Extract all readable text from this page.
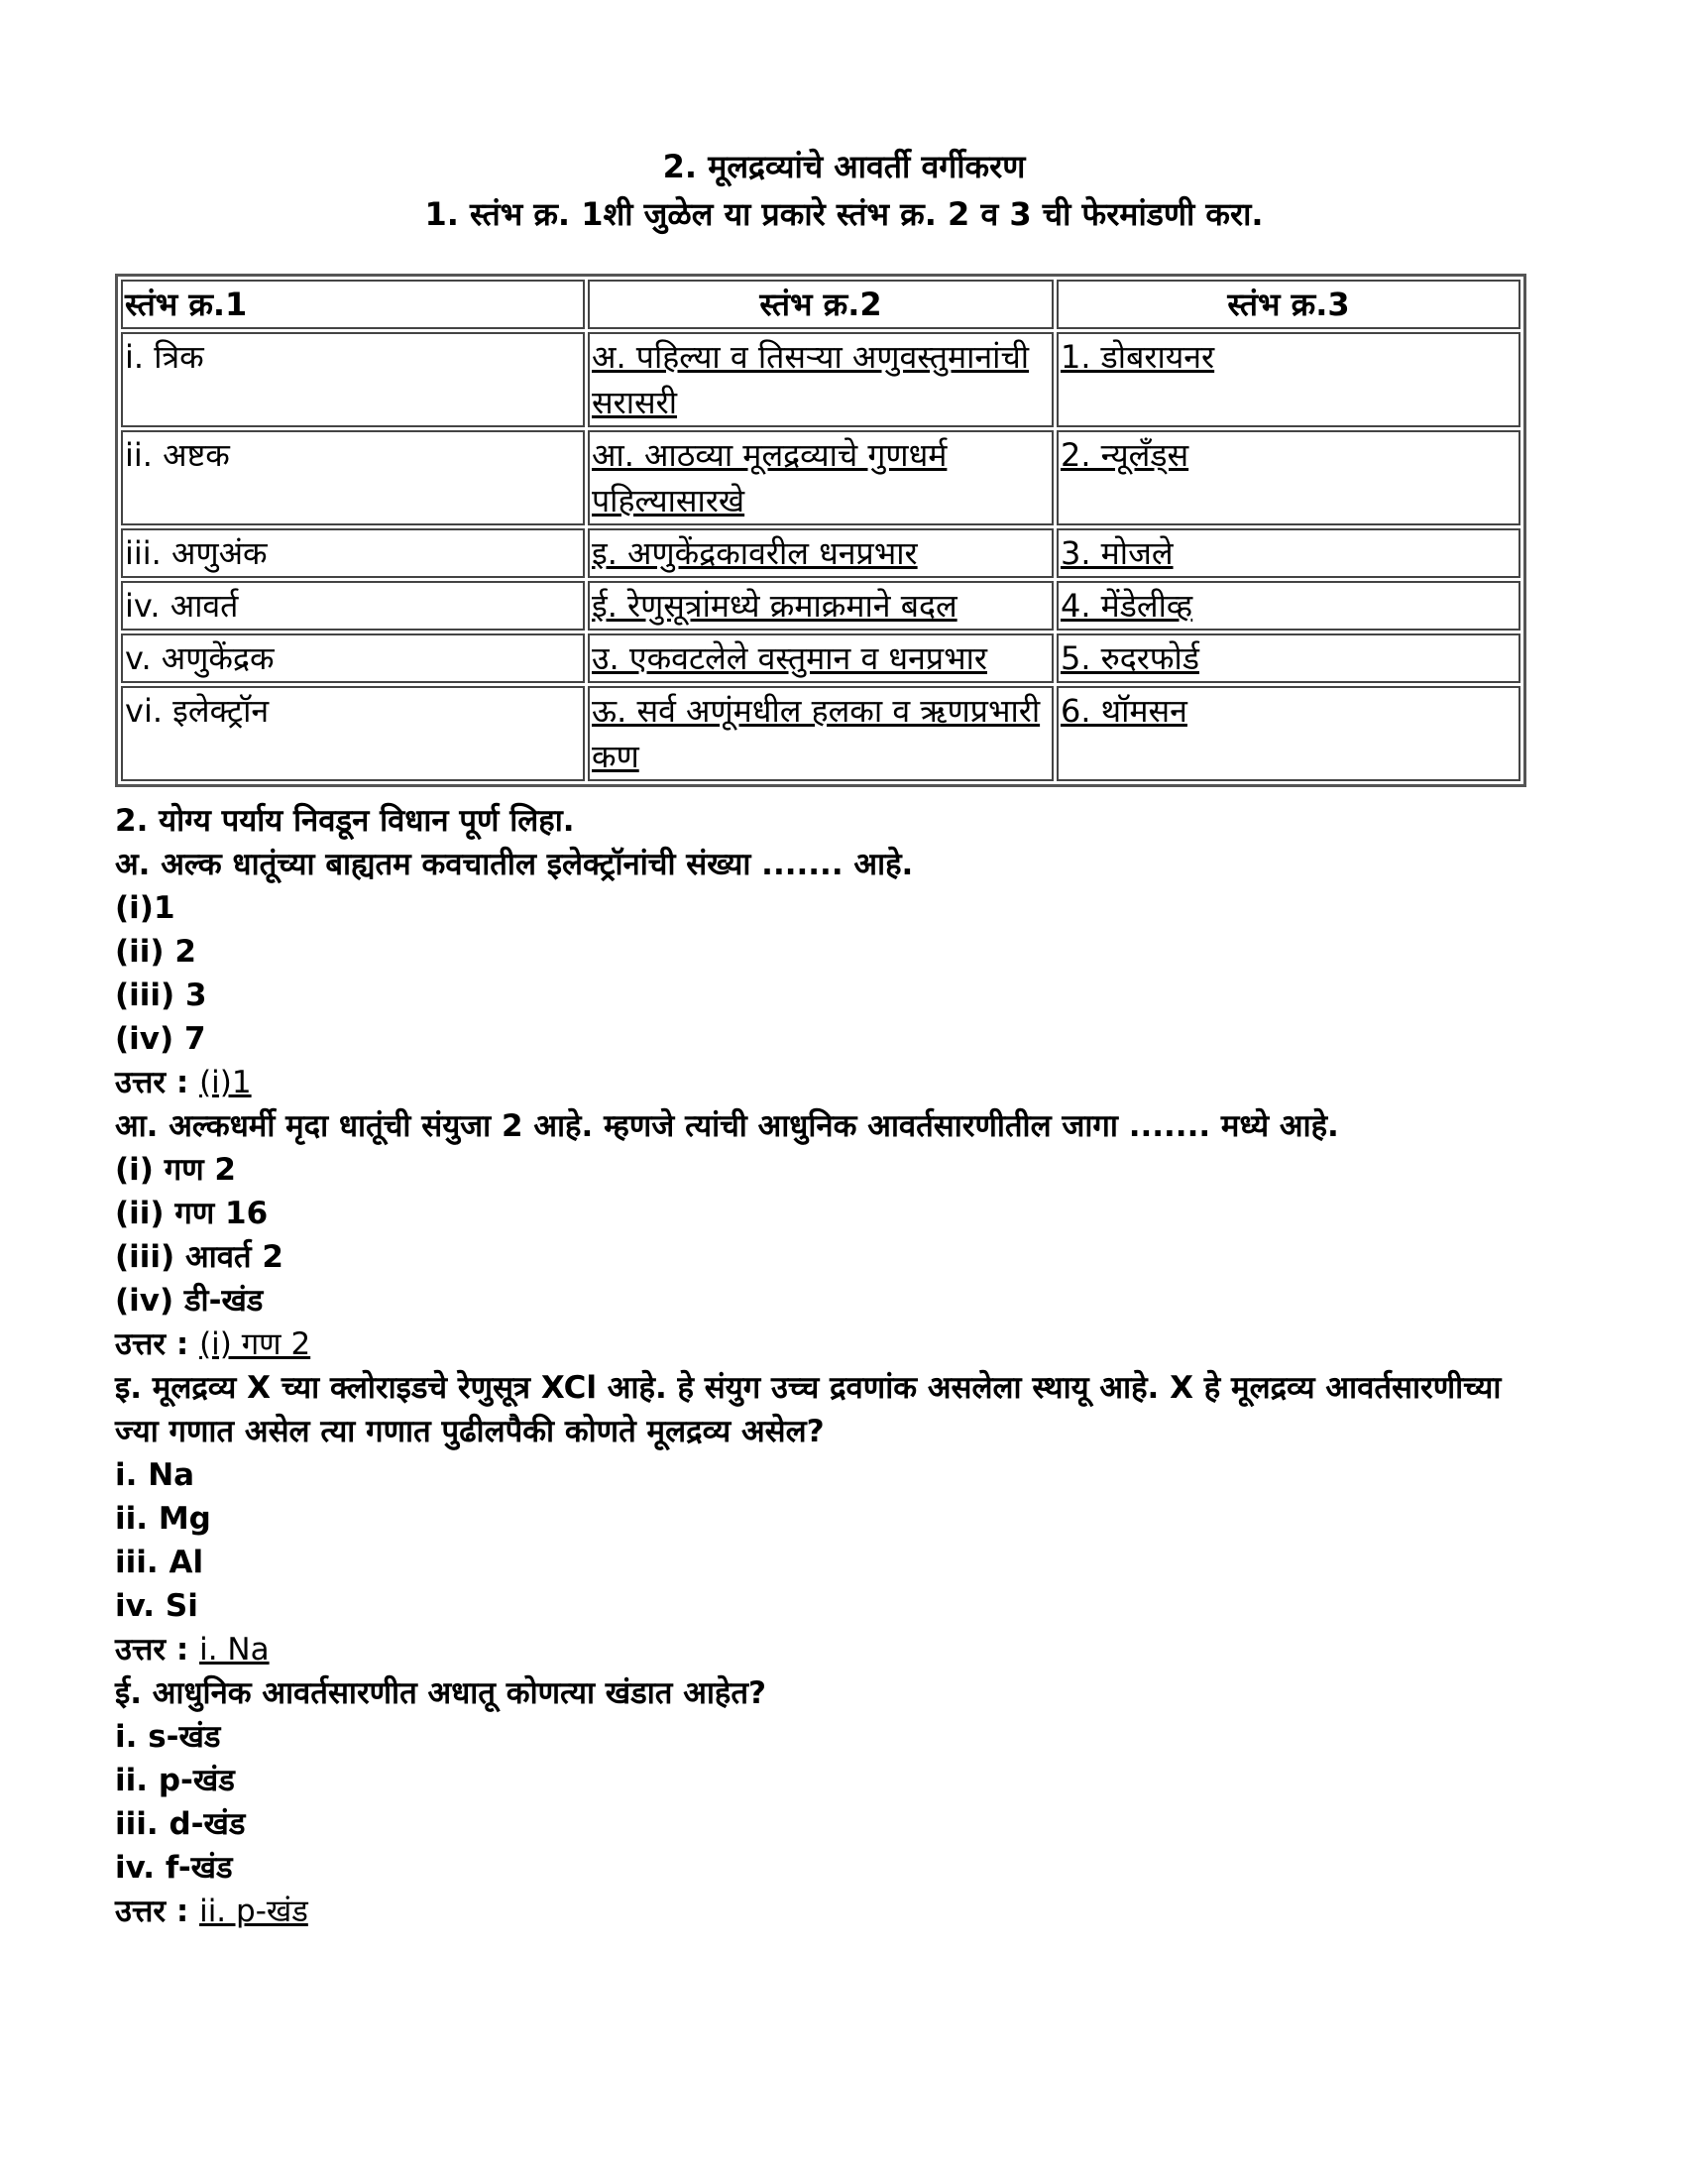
2. मूलद्रव्यांचे आवर्ती वर्गीकरण
1. स्तंभ क्र. 1शी जुळेल या प्रकारे स्तंभ क्र. 2 व 3 ची फेरमांडणी करा.
स्तंभ क्र.1	स्तंभ क्र.2	स्तंभ क्र.3
i. त्रिक	अ. पहिल्या व तिसऱ्या अणुवस्तुमानांची सरासरी	1. डोबरायनर
ii. अष्टक	आ. आठव्या मूलद्रव्याचे गुणधर्म पहिल्यासारखे	2. न्यूलँड्स
iii. अणुअंक	इ. अणुकेंद्रकावरील धनप्रभार	3. मोजले
iv. आवर्त	ई. रेणुसूत्रांमध्ये क्रमाक्रमाने बदल	4. मेंडेलीव्ह
v. अणुकेंद्रक	उ. एकवटलेले वस्तुमान व धनप्रभार	5. रुदरफोर्ड
vi. इलेक्ट्रॉन	ऊ. सर्व अणूंमधील हलका व ऋणप्रभारी कण	6. थॉमसन
2. योग्य पर्याय निवडून विधान पूर्ण लिहा.
अ. अल्क धातूंच्या बाह्यतम कवचातील इलेक्ट्रॉनांची संख्या ....... आहे.
(i)1
(ii) 2
(iii) 3
(iv) 7
उत्तर : (i)1
आ. अल्कधर्मी मृदा धातूंची संयुजा 2 आहे. म्हणजे त्यांची आधुनिक आवर्तसारणीतील जागा ....... मध्ये आहे.
(i) गण 2
(ii) गण 16
(iii) आवर्त 2
(iv) डी-खंड
उत्तर : (i) गण 2
इ. मूलद्रव्य X च्या क्लोराइडचे रेणुसूत्र XCl आहे. हे संयुग उच्च द्रवणांक असलेला स्थायू आहे. X हे मूलद्रव्य आवर्तसारणीच्या ज्या गणात असेल त्या गणात पुढीलपैकी कोणते मूलद्रव्य असेल?
i. Na
ii. Mg
iii. Al
iv. Si
उत्तर : i. Na
ई. आधुनिक आवर्तसारणीत अधातू कोणत्या खंडात आहेत?
i. s-खंड
ii. p-खंड
iii. d-खंड
iv. f-खंड
उत्तर : ii. p-खंड
